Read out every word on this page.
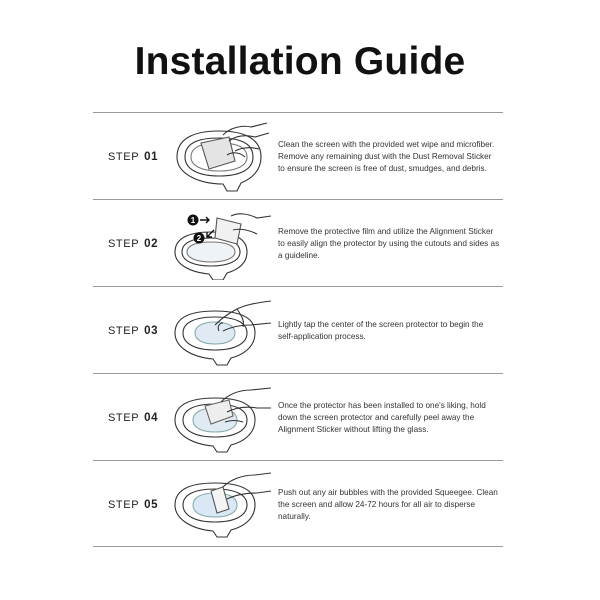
Installation Guide
STEP 01
Clean the screen with the provided wet wipe and microfiber. Remove any remaining dust with the Dust Removal Sticker to ensure the screen is free of dust, smudges, and debris.
STEP 02
1
2
Remove the protective film and utilize the Alignment Sticker to easily align the protector by using the cutouts and sides as a guideline.
STEP 03
Lightly tap the center of the screen protector to begin the self-application process.
STEP 04
Once the protector has been installed to one's liking, hold down the screen protector and carefully peel away the Alignment Sticker without lifting the glass.
STEP 05
Push out any air bubbles with the provided Squeegee. Clean the screen and allow 24-72 hours for all air to disperse naturally.
